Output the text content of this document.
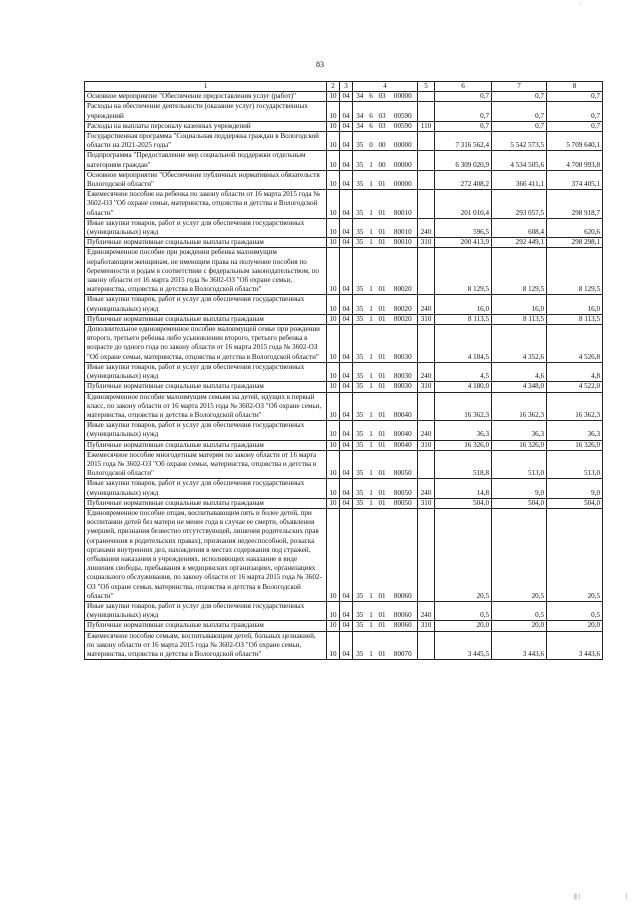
·
83
1	2	3	4				5	6	7	8
Основное мероприятие "Обеспечение предоставления услуг (работ)"	10	04	34	6	03	00000		0,7	0,7	0,7
Расходы на обеспечение деятельности (оказание услуг) государственных учреждений	10	04	34	6	03	00590		0,7	0,7	0,7
Расходы на выплаты персоналу казенных учреждений	10	04	34	6	03	00590	110	0,7	0,7	0,7
Государственная программа "Социальная поддержка граждан в Вологодской области на 2021-2025 годы"	10	04	35	0	00	00000		7 316 562,4	5 542 573,5	5 709 640,1
Подпрограмма "Предоставление мер социальной поддержки отдельным категориям граждан"	10	04	35	1	00	00000		6 309 020,9	4 534 505,6	4 700 993,8
Основное мероприятие "Обеспечение публичных нормативных обязательств Вологодской области"	10	04	35	1	01	00000		272 408,2	366 411,1	374 405,1
Ежемесячное пособие на ребенка по закону области от 16 марта 2015 года № 3602-ОЗ "Об охране семьи, материнства, отцовства и детства в Вологодской области"	10	04	35	1	01	80010		201 010,4	293 057,5	298 918,7
Иные закупки товаров, работ и услуг для обеспечения государственных (муниципальных) нужд	10	04	35	1	01	80010	240	596,5	608,4	620,6
Публичные нормативные социальные выплаты гражданам	10	04	35	1	01	80010	310	200 413,9	292 449,1	298 298,1
Единовременное пособие при рождении ребенка малоимущим неработающим женщинам, не имеющим права на получение пособия по беременности и родам в соответствии с федеральным законодательством, по закону области от 16 марта 2015 года № 3602-ОЗ "Об охране семьи, материнства, отцовства и детства в Вологодской области"	10	04	35	1	01	80020		8 129,5	8 129,5	8 129,5
Иные закупки товаров, работ и услуг для обеспечения государственных (муниципальных) нужд	10	04	35	1	01	80020	240	16,0	16,0	16,0
Публичные нормативные социальные выплаты гражданам	10	04	35	1	01	80020	310	8 113,5	8 113,5	8 113,5
Дополнительное единовременное пособие малоимущей семье при рождении второго, третьего ребенка либо усыновлении второго, третьего ребенка в возрасте до одного года по закону области от 16 марта 2015 года № 3602-ОЗ "Об охране семьи, материнства, отцовства и детства в Вологодской области"	10	04	35	1	01	80030		4 184,5	4 352,6	4 526,8
Иные закупки товаров, работ и услуг для обеспечения государственных (муниципальных) нужд	10	04	35	1	01	80030	240	4,5	4,6	4,8
Публичные нормативные социальные выплаты гражданам	10	04	35	1	01	80030	310	4 180,0	4 348,0	4 522,0
Единовременное пособие малоимущим семьям на детей, идущих в первый класс, по закону области от 16 марта 2015 года № 3602-ОЗ "Об охране семьи, материнства, отцовства и детства в Вологодской области"	10	04	35	1	01	80040		16 362,3	16 362,3	16 362,3
Иные закупки товаров, работ и услуг для обеспечения государственных (муниципальных) нужд	10	04	35	1	01	80040	240	36,3	36,3	36,3
Публичные нормативные социальные выплаты гражданам	10	04	35	1	01	80040	310	16 326,0	16 326,0	16 326,0
Ежемесячное пособие многодетным матерям по закону области от 16 марта 2015 года № 3602-ОЗ "Об охране семьи, материнства, отцовства и детства в Вологодской области"	10	04	35	1	01	80050		518,8	513,0	513,0
Иные закупки товаров, работ и услуг для обеспечения государственных (муниципальных) нужд	10	04	35	1	01	80050	240	14,8	9,0	9,0
Публичные нормативные социальные выплаты гражданам	10	04	35	1	01	80050	310	504,0	504,0	504,0
Единовременное пособие отцам, воспитывающим пять и более детей, при воспитании детей без матери не менее года в случае ее смерти, объявления умершей, признания безвестно отсутствующей, лишения родительских прав (ограничения в родительских правах), признания недееспособной, розыска органами внутренних дел, нахождения в местах содержания под стражей, отбывания наказания в учреждениях, исполняющих наказание в виде лишения свободы, пребывания в медицинских организациях, организациях социального обслуживания, по закону области от 16 марта 2015 года № 3602-ОЗ "Об охране семьи, материнства, отцовства и детства в Вологодской области"	10	04	35	1	01	80060		20,5	20,5	20,5
Иные закупки товаров, работ и услуг для обеспечения государственных (муниципальных) нужд	10	04	35	1	01	80060	240	0,5	0,5	0,5
Публичные нормативные социальные выплаты гражданам	10	04	35	1	01	80060	310	20,0	20,0	20,0
Ежемесячное пособие семьям, воспитывающим детей, больных целиакией, по закону области от 16 марта 2015 года № 3602-ОЗ "Об охране семьи, материнства, отцовства и детства в Вологодской области"	10	04	35	1	01	80070		3 445,5	3 443,6	3 443,6
||| |	|
